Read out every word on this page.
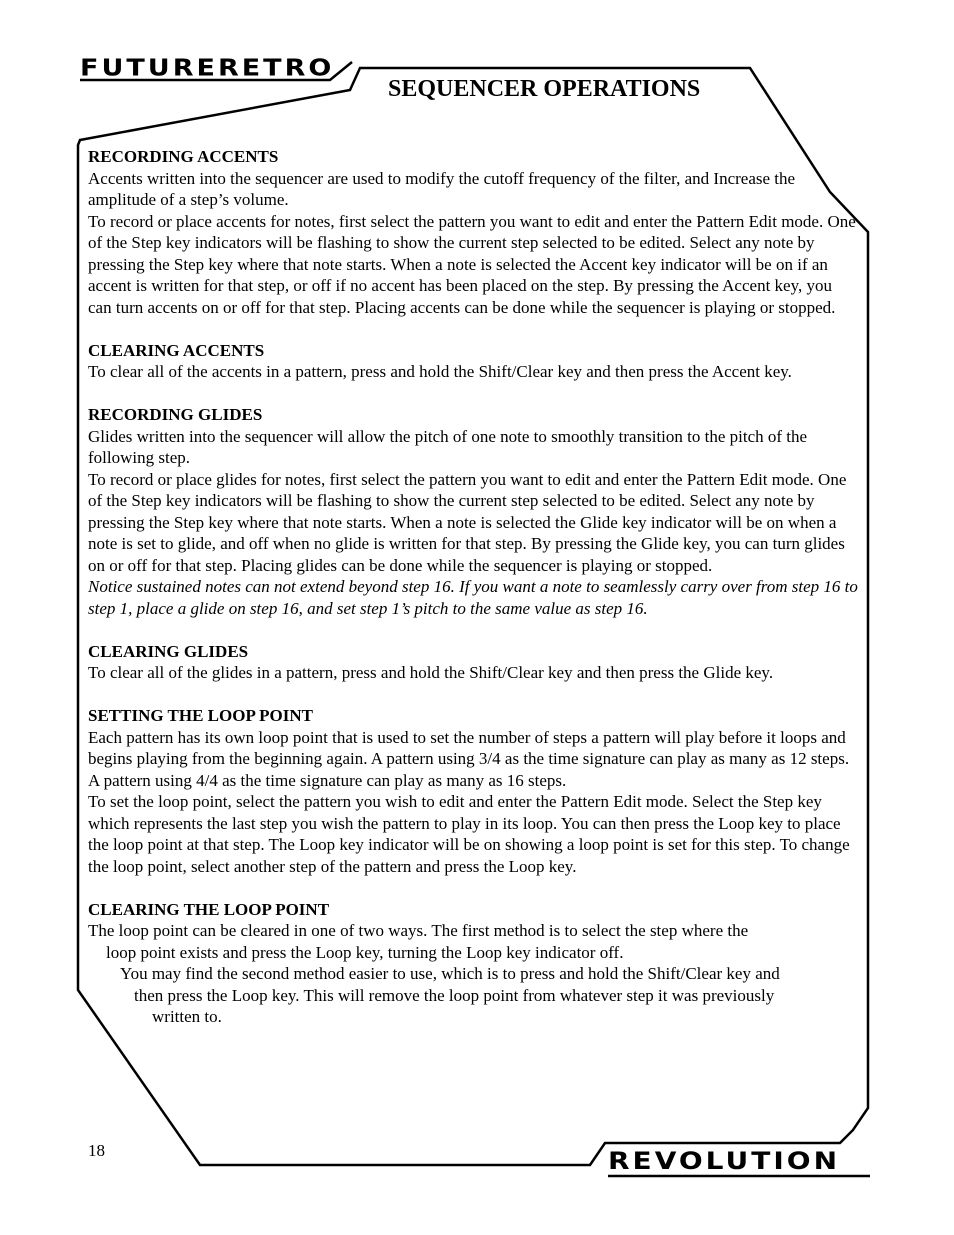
FUTURERETRO
SEQUENCER OPERATIONS
RECORDING ACCENTS

Accents written into the sequencer are used to modify the cutoff frequency of the filter, and Increase the amplitude of a step’s volume.

To record or place accents for notes, first select the pattern you want to edit and enter the Pattern Edit mode. One of the Step key indicators will be flashing to show the current step selected to be edited. Select any note by pressing the Step key where that note starts. When a note is selected the Accent key indicator will be on if an accent is written for that step, or off if no accent has been placed on the step. By pressing the Accent key, you can turn accents on or off for that step. Placing accents can be done while the sequencer is playing or stopped.

CLEARING ACCENTS

To clear all of the accents in a pattern, press and hold the Shift/Clear key and then press the Accent key.

RECORDING GLIDES

Glides written into the sequencer will allow the pitch of one note to smoothly transition to the pitch of the following step.

To record or place glides for notes, first select the pattern you want to edit and enter the Pattern Edit mode. One of the Step key indicators will be flashing to show the current step selected to be edited. Select any note by pressing the Step key where that note starts. When a note is selected the Glide key indicator will be on when a note is set to glide, and off when no glide is written for that step. By pressing the Glide key, you can turn glides on or off for that step. Placing glides can be done while the sequencer is playing or stopped.

Notice sustained notes can not extend beyond step 16. If you want a note to seamlessly carry over from step 16 to step 1, place a glide on step 16, and set step 1’s pitch to the same value as step 16.

CLEARING GLIDES

To clear all of the glides in a pattern, press and hold the Shift/Clear key and then press the Glide key.

SETTING THE LOOP POINT

Each pattern has its own loop point that is used to set the number of steps a pattern will play before it loops and begins playing from the beginning again. A pattern using 3/4 as the time signature can play as many as 12 steps. A pattern using 4/4 as the time signature can play as many as 16 steps.

To set the loop point, select the pattern you wish to edit and enter the Pattern Edit mode. Select the Step key which represents the last step you wish the pattern to play in its loop. You can then press the Loop key to place the loop point at that step. The Loop key indicator will be on showing a loop point is set for this step. To change the loop point, select another step of the pattern and press the Loop key.

CLEARING THE LOOP POINT

The loop point can be cleared in one of two ways. The first method is to select the step where the

loop point exists and press the Loop key, turning the Loop key indicator off.

You may find the second method easier to use, which is to press and hold the Shift/Clear key and

then press the Loop key. This will remove the loop point from whatever step it was previously

written to.

18	REVOLUTION
